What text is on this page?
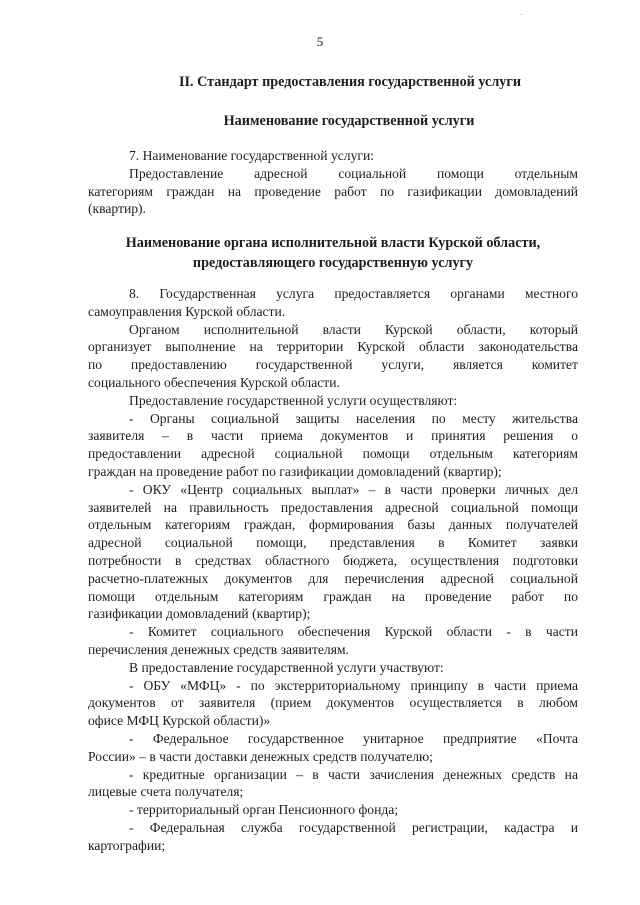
5
II. Стандарт предоставления государственной услуги
Наименование государственной услуги

7. Наименование государственной услуги:

Предоставление адресной социальной помощи отдельным

категориям граждан на проведение работ по газификации домовладений

(квартир).

Наименование органа исполнительной власти Курской области,
предоставляющего государственную услугу

8. Государственная услуга предоставляется органами местного

самоуправления Курской области.

Органом исполнительной власти Курской области, который

организует выполнение на территории Курской области законодательства

по предоставлению государственной услуги, является комитет

социального обеспечения Курской области.

Предоставление государственной услуги осуществляют:

- Органы социальной защиты населения по месту жительства

заявителя – в части приема документов и принятия решения о

предоставлении адресной социальной помощи отдельным категориям

граждан на проведение работ по газификации домовладений (квартир);

- ОКУ «Центр социальных выплат» – в части проверки личных дел

заявителей на правильность предоставления адресной социальной помощи

отдельным категориям граждан, формирования базы данных получателей

адресной социальной помощи, представления в Комитет заявки

потребности в средствах областного бюджета, осуществления подготовки

расчетно-платежных документов для перечисления адресной социальной

помощи отдельным категориям граждан на проведение работ по

газификации домовладений (квартир);

- Комитет социального обеспечения Курской области - в части

перечисления денежных средств заявителям.

В предоставление государственной услуги участвуют:

- ОБУ «МФЦ» - по экстерриториальному принципу в части приема

документов от заявителя (прием документов осуществляется в любом

офисе МФЦ Курской области)»

- Федеральное государственное унитарное предприятие «Почта

России» – в части доставки денежных средств получателю;

- кредитные организации – в части зачисления денежных средств на

лицевые счета получателя;

- территориальный орган Пенсионного фонда;

- Федеральная служба государственной регистрации, кадастра и

картографии;
